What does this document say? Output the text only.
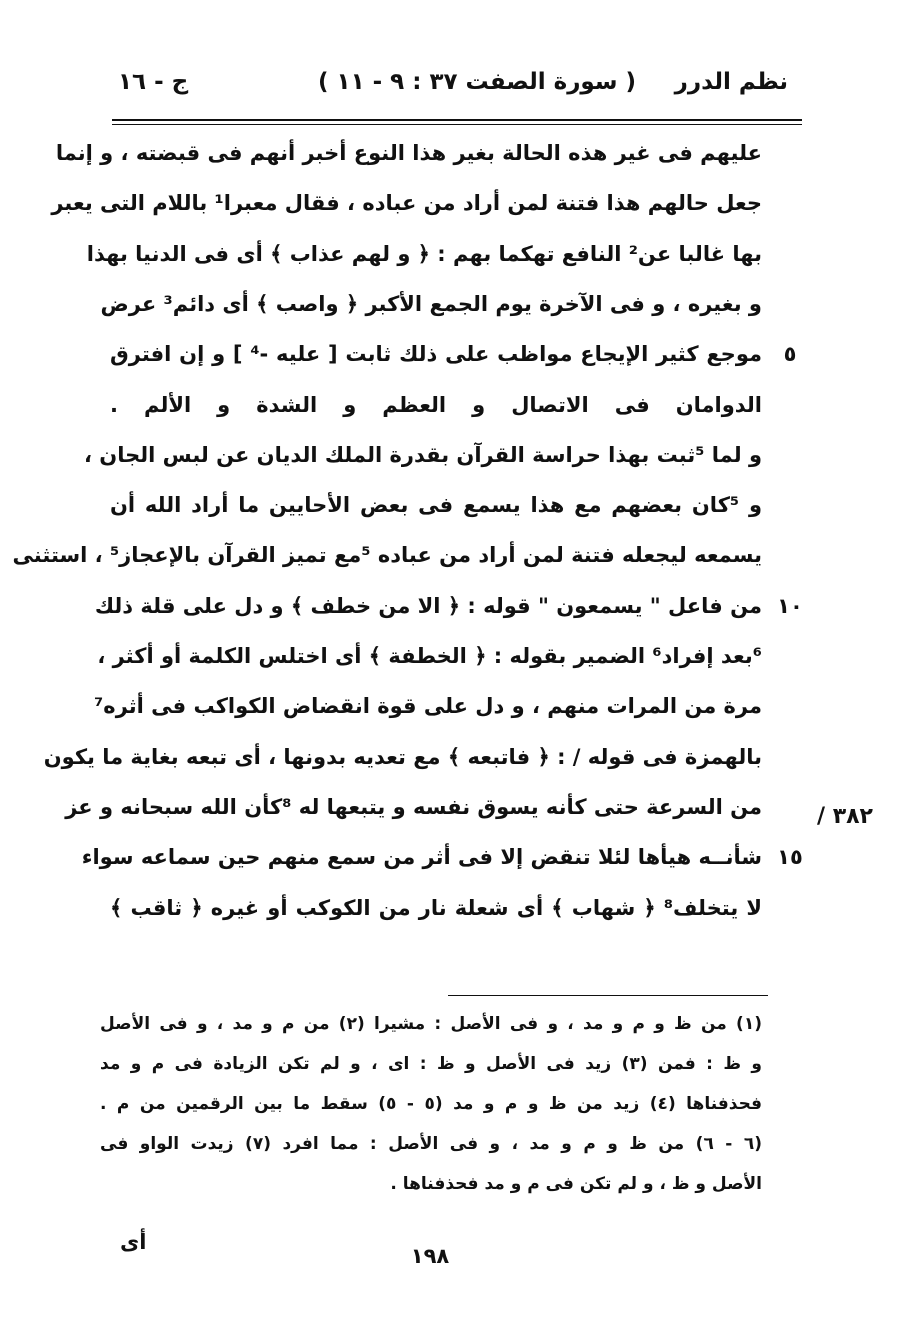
نظم الدرر
( سورة الصفت ٣٧ : ٩ - ١١ )
ج - ١٦
عليهم فى غير هذه الحالة بغير هذا النوع أخبر أنهم فى قبضته ، و إنما
جعل حالهم هذا فتنة لمن أراد من عباده ، فقال معبرا¹ باللام التى يعبر
بها غالبا عن² النافع تهكما بهم : ﴿ و لهم عذاب ﴾ أى فى الدنيا بهذا
و بغيره ، و فى الآخرة يوم الجمع الأكبر ﴿ واصب ﴾ أى دائم³ عرض
موجع كثير الإيجاع مواظب على ذلك ثابت [ عليه -⁴ ] و إن افترق	٥
الدوامان فى الاتصال و العظم و الشدة و الألم .
و لما ⁵ثبت بهذا حراسة القرآن بقدرة الملك الديان عن لبس الجان ،
و ⁵كان بعضهم مع هذا يسمع فى بعض الأحايين ما أراد الله أن
يسمعه ليجعله فتنة لمن أراد من عباده ⁵مع تميز القرآن بالإعجاز⁵ ، استثنى
من فاعل " يسمعون " قوله : ﴿ الا من خطف ﴾ و دل على قلة ذلك ١٠
⁶بعد إفراد⁶ الضمير بقوله : ﴿ الخطفة ﴾ أى اختلس الكلمة أو أكثر ،
مرة من المرات منهم ، و دل على قوة انقضاض الكواكب فى أثره⁷
بالهمزة فى قوله / : ﴿ فاتبعه ﴾ مع تعديه بدونها ، أى تبعه بغاية ما يكون
من السرعة حتى كأنه يسوق نفسه و يتبعها له ⁸كأن الله سبحانه و عز
شأنــه هيأها لئلا تنقض إلا فى أثر من سمع منهم حين سماعه سواء ١٥
لا يتخلف⁸ ﴿ شهاب ﴾ أى شعلة نار من الكوكب أو غيره ﴿ ثاقب ﴾
٣٨٢ /
(١) من ظ و م و مد ، و فى الأصل : مشيرا (٢) من م و مد ، و فى الأصل
و ظ : فمن (٣) زيد فى الأصل و ظ : اى ، و لم تكن الزيادة فى م و مد
فحذفناها (٤) زيد من ظ و م و مد (٥ - ٥) سقط ما بين الرقمين من م .
(٦ - ٦) من ظ و م و مد ، و فى الأصل : مما افرد (٧) زيدت الواو فى
الأصل و ظ ، و لم تكن فى م و مد فحذفناها .
أى
١٩٨
